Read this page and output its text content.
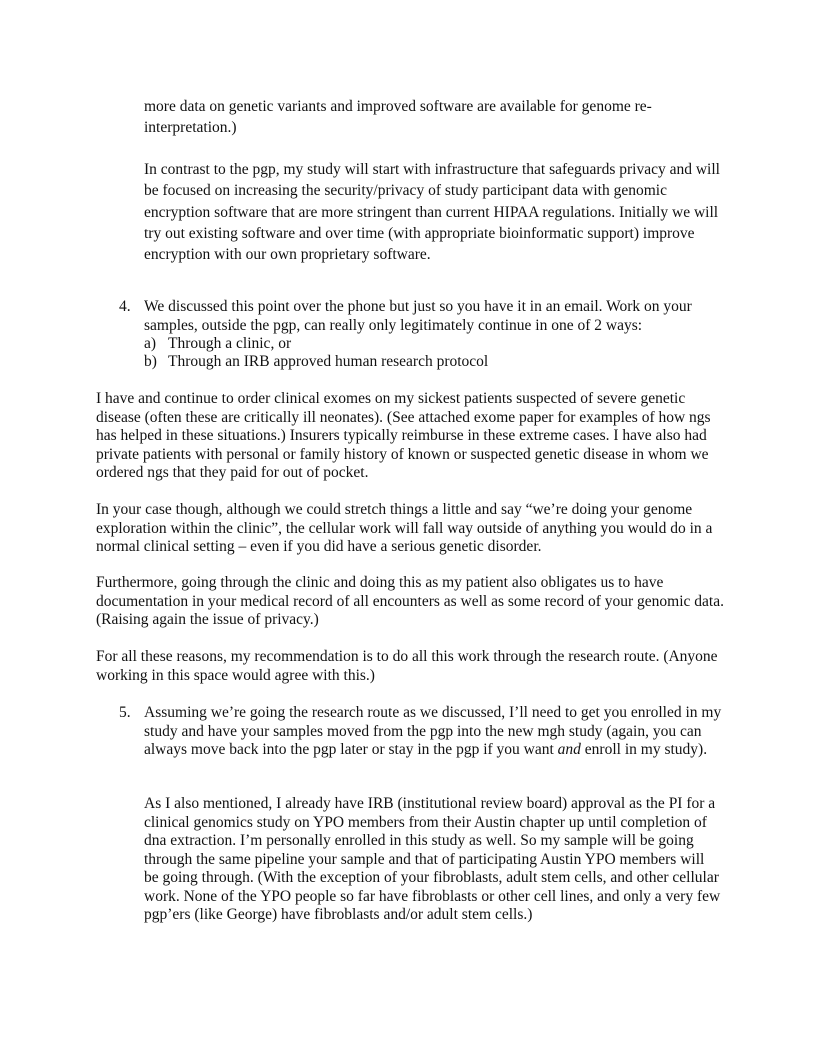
more data on genetic variants and improved software are available for genome re-interpretation.)

In contrast to the pgp, my study will start with infrastructure that safeguards privacy and will be focused on increasing the security/privacy of study participant data with genomic encryption software that are more stringent than current HIPAA regulations. Initially we will try out existing software and over time (with appropriate bioinformatic support) improve encryption with our own proprietary software.

4. We discussed this point over the phone but just so you have it in an email. Work on your samples, outside the pgp, can really only legitimately continue in one of 2 ways:

a) Through a clinic, or
b) Through an IRB approved human research protocol

I have and continue to order clinical exomes on my sickest patients suspected of severe genetic disease (often these are critically ill neonates). (See attached exome paper for examples of how ngs has helped in these situations.) Insurers typically reimburse in these extreme cases. I have also had private patients with personal or family history of known or suspected genetic disease in whom we ordered ngs that they paid for out of pocket.

In your case though, although we could stretch things a little and say “we’re doing your genome exploration within the clinic”, the cellular work will fall way outside of anything you would do in a normal clinical setting – even if you did have a serious genetic disorder.

Furthermore, going through the clinic and doing this as my patient also obligates us to have documentation in your medical record of all encounters as well as some record of your genomic data. (Raising again the issue of privacy.)

For all these reasons, my recommendation is to do all this work through the research route. (Anyone working in this space would agree with this.)

5. Assuming we’re going the research route as we discussed, I’ll need to get you enrolled in my study and have your samples moved from the pgp into the new mgh study (again, you can always move back into the pgp later or stay in the pgp if you want and enroll in my study).

As I also mentioned, I already have IRB (institutional review board) approval as the PI for a clinical genomics study on YPO members from their Austin chapter up until completion of dna extraction. I’m personally enrolled in this study as well. So my sample will be going through the same pipeline your sample and that of participating Austin YPO members will be going through. (With the exception of your fibroblasts, adult stem cells, and other cellular work. None of the YPO people so far have fibroblasts or other cell lines, and only a very few pgp’ers (like George) have fibroblasts and/or adult stem cells.)
